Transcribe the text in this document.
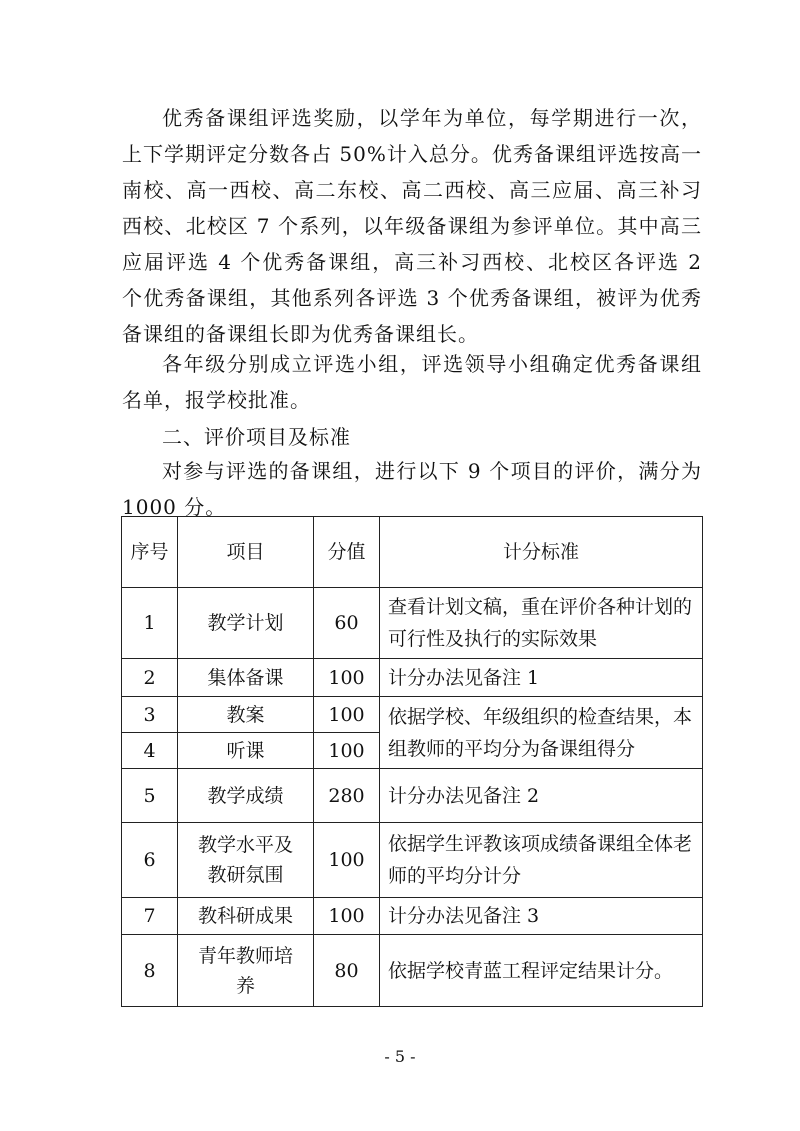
优秀备课组评选奖励，以学年为单位，每学期进行一次，上下学期评定分数各占 50%计入总分。优秀备课组评选按高一南校、高一西校、高二东校、高二西校、高三应届、高三补习西校、北校区 7 个系列，以年级备课组为参评单位。其中高三应届评选 4 个优秀备课组，高三补习西校、北校区各评选 2 个优秀备课组，其他系列各评选 3 个优秀备课组，被评为优秀备课组的备课组长即为优秀备课组长。
各年级分别成立评选小组，评选领导小组确定优秀备课组名单，报学校批准。
二、评价项目及标准
对参与评选的备课组，进行以下 9 个项目的评价，满分为 1000 分。
序号	项目	分值	计分标准
1	教学计划	60	查看计划文稿，重在评价各种计划的可行性及执行的实际效果
2	集体备课	100	计分办法见备注 1
3	教案	100	依据学校、年级组织的检查结果，本组教师的平均分为备课组得分
4	听课	100	
5	教学成绩	280	计分办法见备注 2
6	教学水平及教研氛围	100	依据学生评教该项成绩备课组全体老师的平均分计分
7	教科研成果	100	计分办法见备注 3
8	青年教师培养	80	依据学校青蓝工程评定结果计分。
- 5 -
